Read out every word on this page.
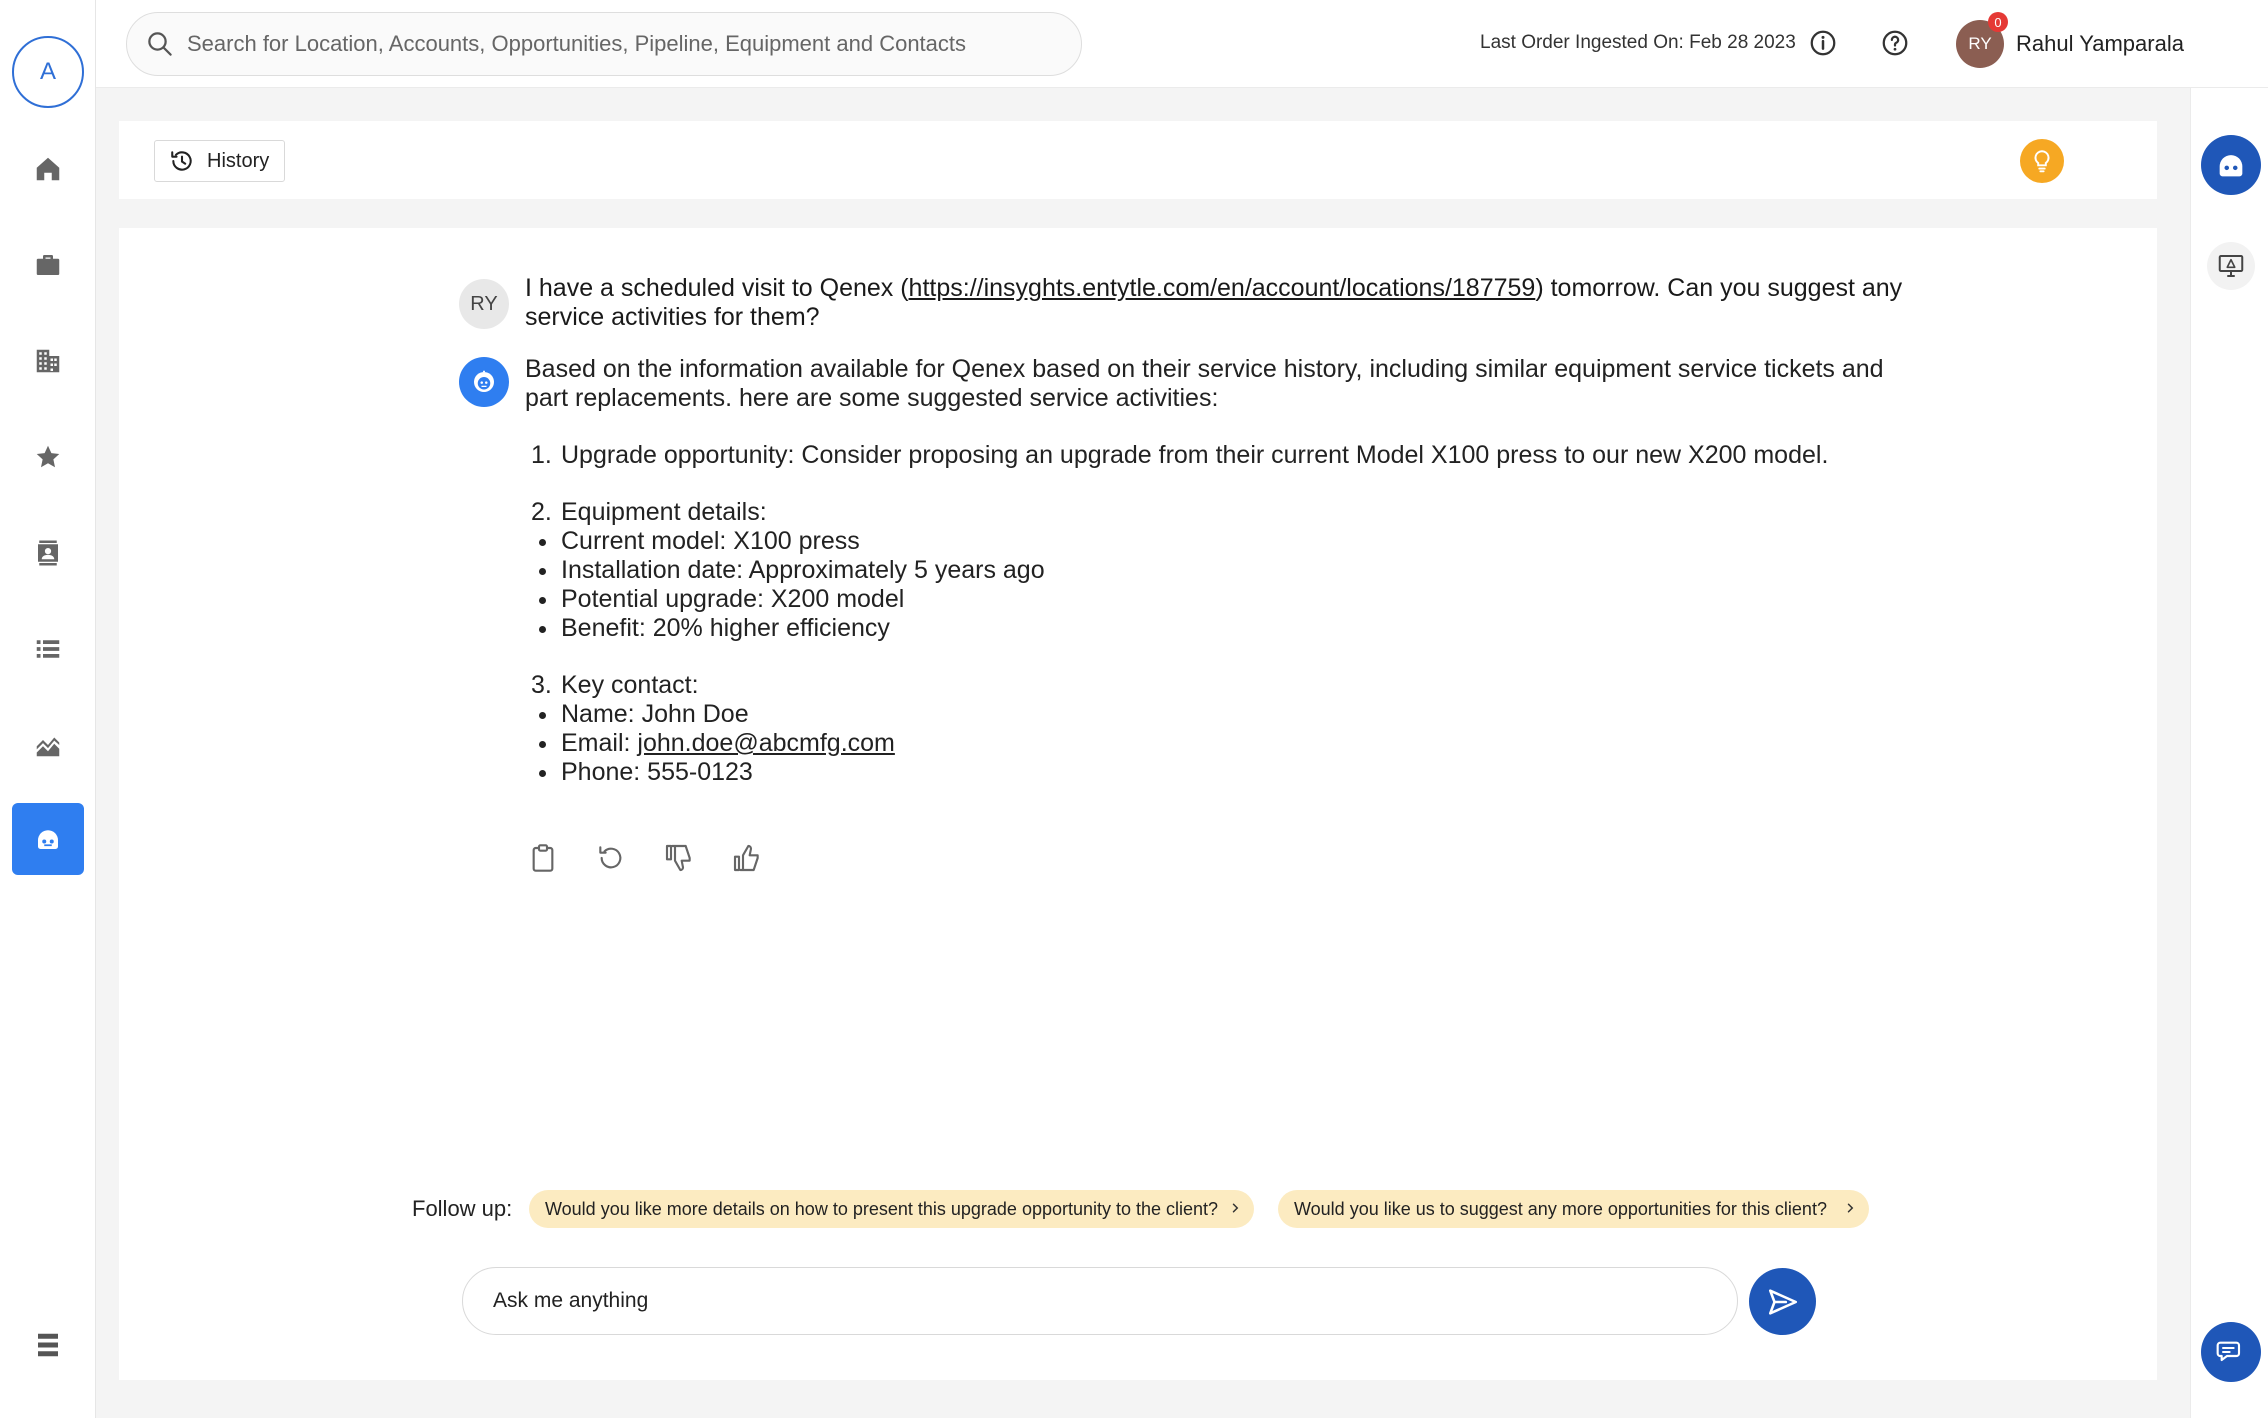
A
Search for Location, Accounts, Opportunities, Pipeline, Equipment and Contacts
Last Order Ingested On: Feb 28 2023	RY
0
Rahul Yamparala
History
RY
I have a scheduled visit to Qenex (https://insyghts.entytle.com/en/account/locations/187759) tomorrow. Can you suggest any service activities for them?
Based on the information available for Qenex based on their service history, including similar equipment service tickets and part replacements. here are some suggested service activities:
1. Upgrade opportunity: Consider proposing an upgrade from their current Model X100 press to our new X200 model.
2. Equipment details:
Current model: X100 press
Installation date: Approximately 5 years ago
Potential upgrade: X200 model
Benefit: 20% higher efficiency
3. Key contact:
Name: John Doe
Email: john.doe@abcmfg.com
Phone: 555-0123
Follow up: Would you like more details on how to present this upgrade opportunity to the client?	Would you like us to suggest any more opportunities for this client?
Ask me anything
